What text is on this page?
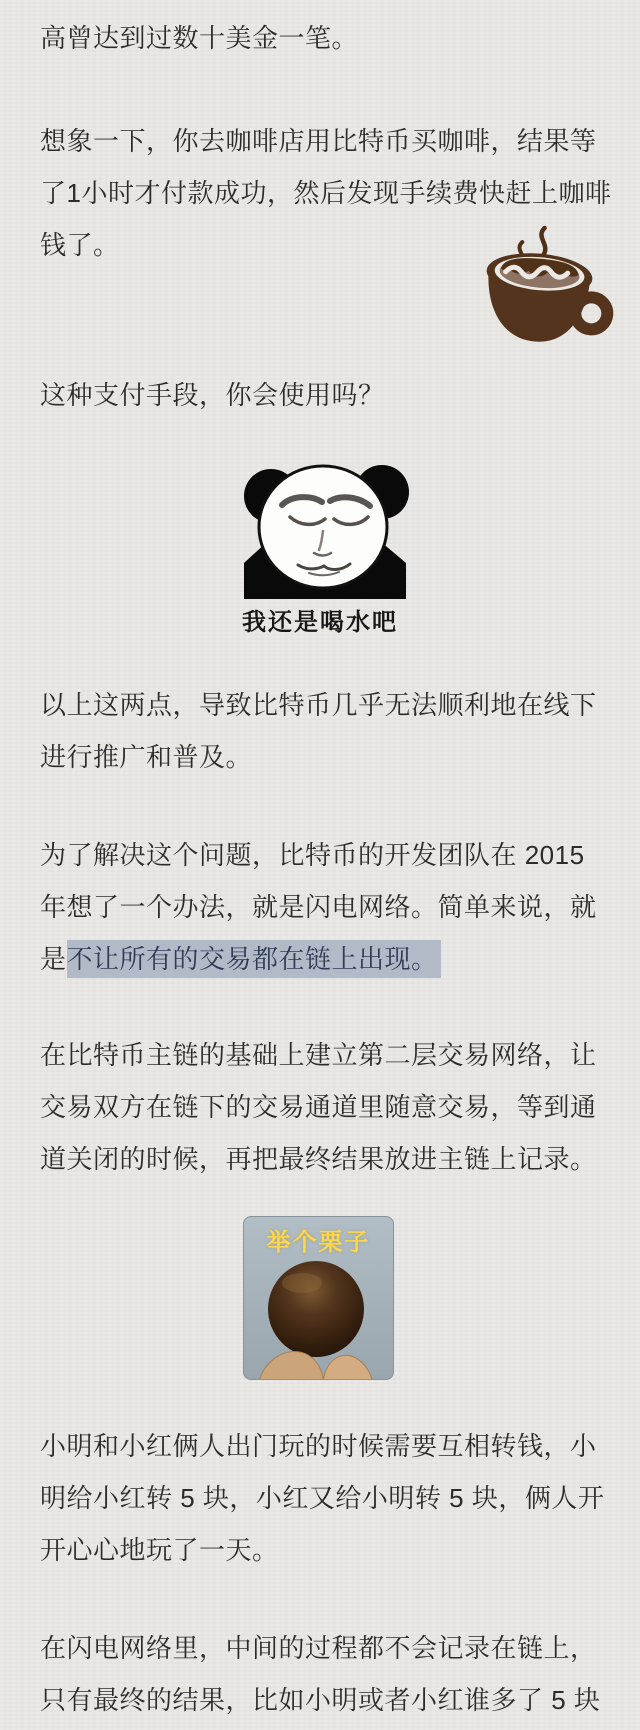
高曾达到过数十美金一笔。

想象一下，你去咖啡店用比特币买咖啡，结果等
了1小时才付款成功，然后发现手续费快赶上咖啡
钱了。

这种支付手段，你会使用吗？

我还是喝水吧

以上这两点，导致比特币几乎无法顺利地在线下
进行推广和普及。

为了解决这个问题，比特币的开发团队在 2015
年想了一个办法，就是闪电网络。简单来说，就
是不让所有的交易都在链上出现。

在比特币主链的基础上建立第二层交易网络，让
交易双方在链下的交易通道里随意交易，等到通
道关闭的时候，再把最终结果放进主链上记录。

举个栗子

小明和小红俩人出门玩的时候需要互相转钱，小
明给小红转 5 块，小红又给小明转 5 块，俩人开
开心心地玩了一天。

在闪电网络里，中间的过程都不会记录在链上，
只有最终的结果，比如小明或者小红谁多了 5 块
